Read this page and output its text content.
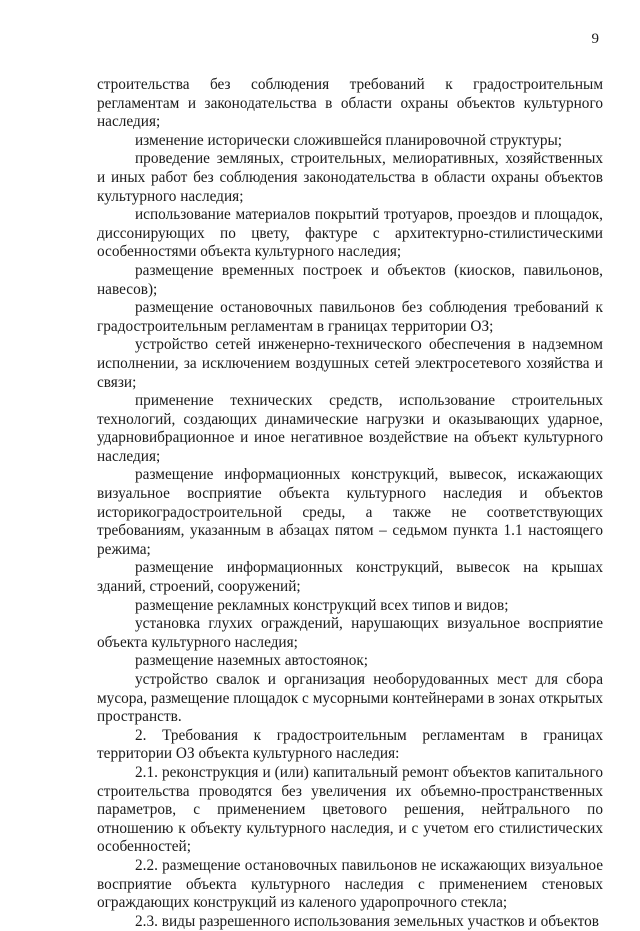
9

строительства без соблюдения требований к градостроительным регламентам и законодательства в области охраны объектов культурного наследия;

изменение исторически сложившейся планировочной структуры;

проведение земляных, строительных, мелиоративных, хозяйственных и иных работ без соблюдения законодательства в области охраны объектов культурного наследия;

использование материалов покрытий тротуаров, проездов и площадок, диссонирующих по цвету, фактуре с архитектурно-стилистическими особенностями объекта культурного наследия;

размещение временных построек и объектов (киосков, павильонов, навесов);

размещение остановочных павильонов без соблюдения требований к градостроительным регламентам в границах территории ОЗ;

устройство сетей инженерно-технического обеспечения в надземном исполнении, за исключением воздушных сетей электросетевого хозяйства и связи;

применение технических средств, использование строительных технологий, создающих динамические нагрузки и оказывающих ударное, ударновибрационное и иное негативное воздействие на объект культурного наследия;

размещение информационных конструкций, вывесок, искажающих визуальное восприятие объекта культурного наследия и объектов историкоградостроительной среды, а также не соответствующих требованиям, указанным в абзацах пятом – седьмом пункта 1.1 настоящего режима;

размещение информационных конструкций, вывесок на крышах зданий, строений, сооружений;

размещение рекламных конструкций всех типов и видов;

установка глухих ограждений, нарушающих визуальное восприятие объекта культурного наследия;

размещение наземных автостоянок;

устройство свалок и организация необорудованных мест для сбора мусора, размещение площадок с мусорными контейнерами в зонах открытых пространств.

2. Требования к градостроительным регламентам в границах территории ОЗ объекта культурного наследия:

2.1. реконструкция и (или) капитальный ремонт объектов капитального строительства проводятся без увеличения их объемно-пространственных параметров, с применением цветового решения, нейтрального по отношению к объекту культурного наследия, и с учетом его стилистических особенностей;

2.2. размещение остановочных павильонов не искажающих визуальное восприятие объекта культурного наследия с применением стеновых ограждающих конструкций из каленого ударопрочного стекла;

2.3. виды разрешенного использования земельных участков и объектов
